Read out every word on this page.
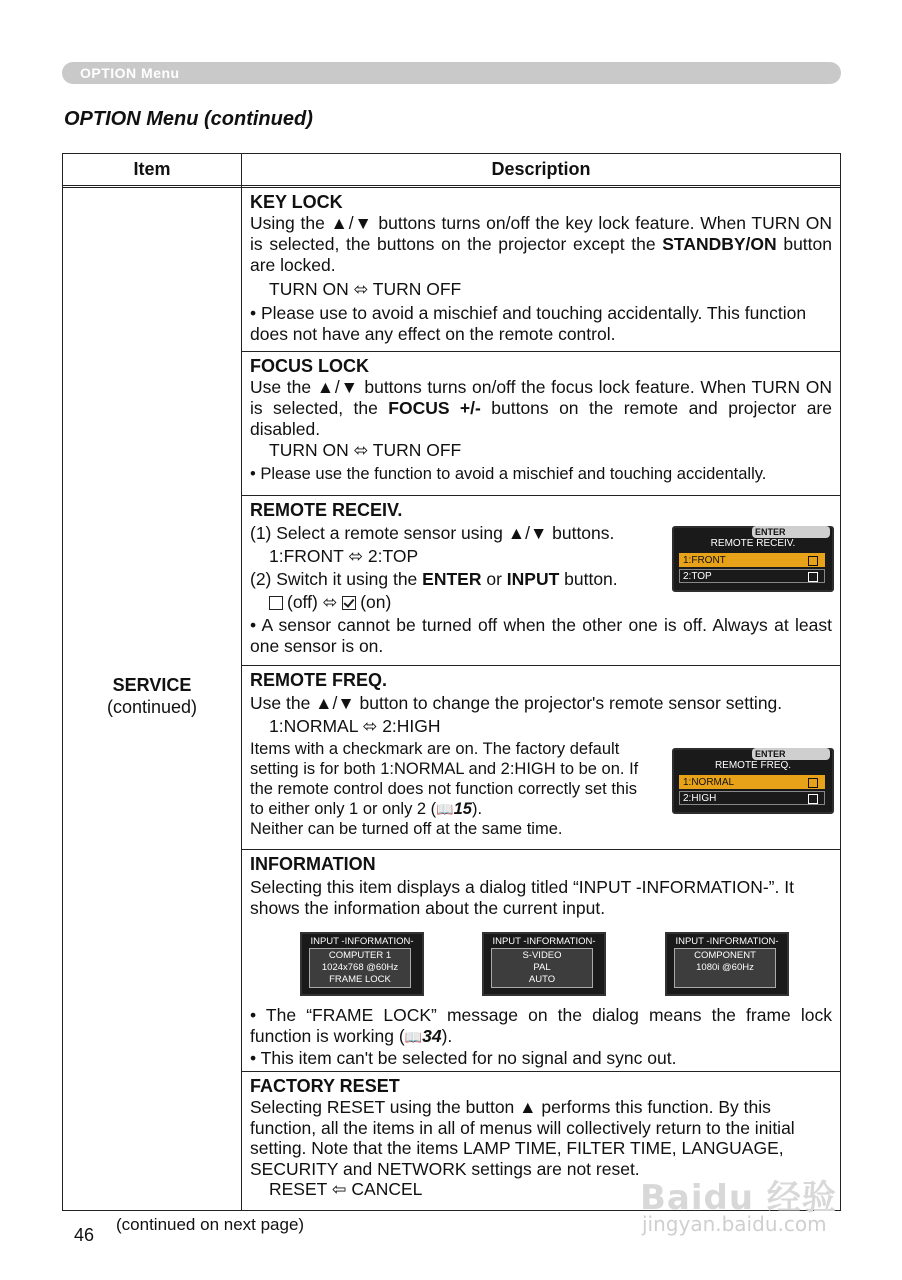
OPTION Menu
OPTION Menu (continued)
Item	Description
SERVICE
(continued)

KEY LOCK

Using the ▲/▼ buttons turns on/off the key lock feature. When TURN ON is selected, the buttons on the projector except the STANDBY/ON button are locked.

TURN ON ⬄ TURN OFF

• Please use to avoid a mischief and touching accidentally. This function does not have any effect on the remote control.

FOCUS LOCK

Use the ▲/▼ buttons turns on/off the focus lock feature. When TURN ON is selected, the FOCUS +/- buttons on the remote and projector are disabled.

TURN ON ⬄ TURN OFF

• Please use the function to avoid a mischief and touching accidentally.

REMOTE RECEIV.

(1) Select a remote sensor using ▲/▼ buttons.

1:FRONT ⬄ 2:TOP

(2) Switch it using the ENTER or INPUT button.

(off) ⬄ (on)

• A sensor cannot be turned off when the other one is off. Always at least one sensor is on.

ENTER
REMOTE RECEIV.
1:FRONT
2:TOP

REMOTE FREQ.

Use the ▲/▼ button to change the projector's remote sensor setting.

1:NORMAL ⬄ 2:HIGH

Items with a checkmark are on. The factory default setting is for both 1:NORMAL and 2:HIGH to be on. If the remote control does not function correctly set this to either only 1 or only 2 ( 📖 15).

Neither can be turned off at the same time.

ENTER
REMOTE FREQ.
1:NORMAL
2:HIGH

INFORMATION

Selecting this item displays a dialog titled “INPUT -INFORMATION-”. It shows the information about the current input.

• The “FRAME LOCK” message on the dialog means the frame lock function is working ( 📖 34).

• This item can't be selected for no signal and sync out.

INPUT -INFORMATION-
COMPUTER 1
1024x768 @60Hz
FRAME LOCK
INPUT -INFORMATION-
S-VIDEO
PAL
AUTO
INPUT -INFORMATION-
COMPONENT
1080i @60Hz

FACTORY RESET

Selecting RESET using the button ▲ performs this function. By this function, all the items in all of menus will collectively return to the initial setting. Note that the items LAMP TIME, FILTER TIME, LANGUAGE, SECURITY and NETWORK settings are not reset.

RESET ⇦ CANCEL

46
(continued on next page)
Baidu 经验
jingyan.baidu.com
